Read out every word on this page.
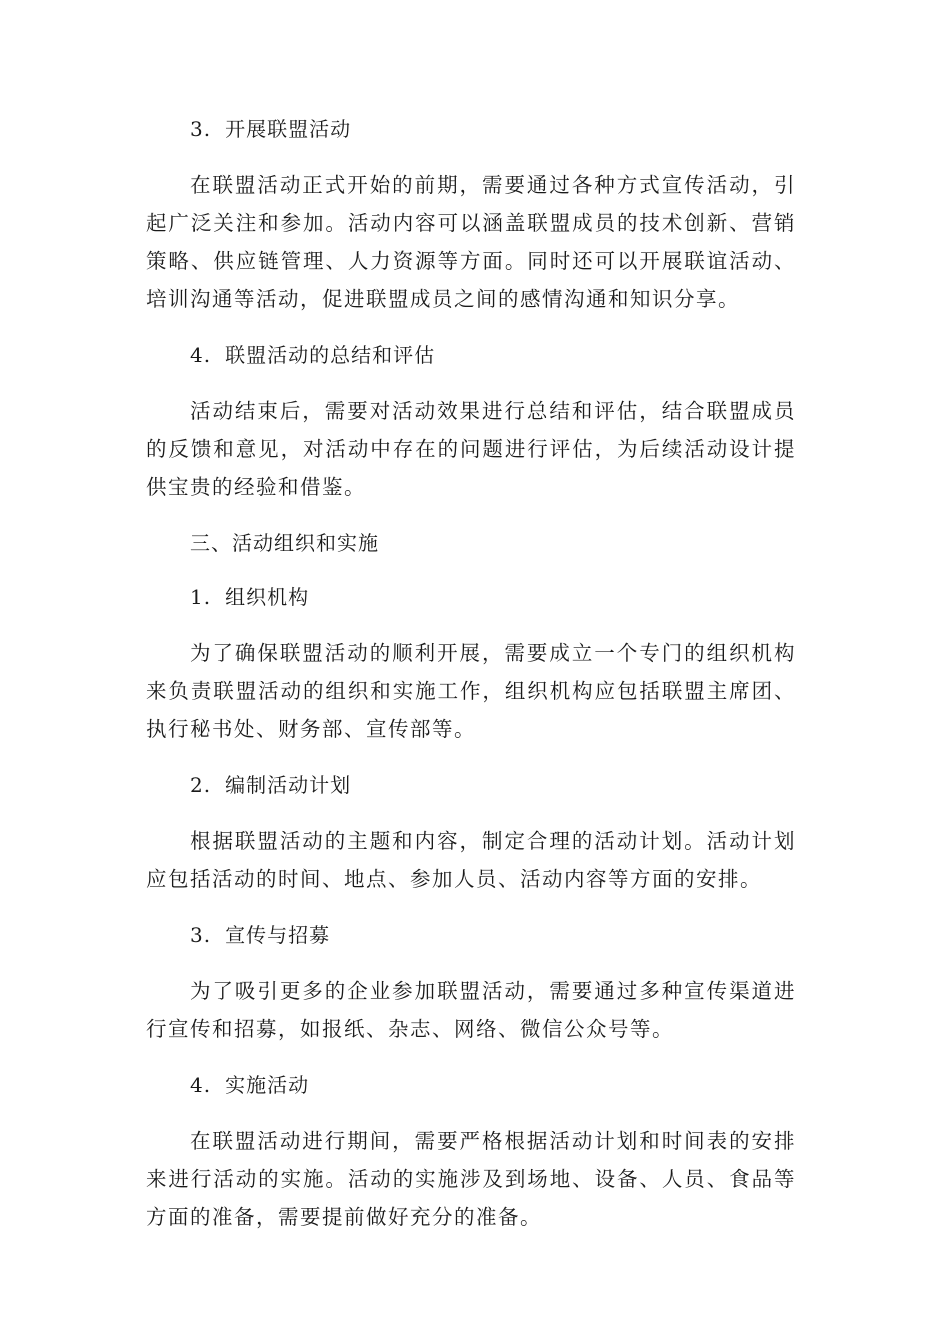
3. 开展联盟活动

在联盟活动正式开始的前期，需要通过各种方式宣传活动，引起广泛关注和参加。活动内容可以涵盖联盟成员的技术创新、营销策略、供应链管理、人力资源等方面。同时还可以开展联谊活动、培训沟通等活动，促进联盟成员之间的感情沟通和知识分享。

4. 联盟活动的总结和评估

活动结束后，需要对活动效果进行总结和评估，结合联盟成员的反馈和意见，对活动中存在的问题进行评估，为后续活动设计提供宝贵的经验和借鉴。

三、活动组织和实施

1. 组织机构

为了确保联盟活动的顺利开展，需要成立一个专门的组织机构来负责联盟活动的组织和实施工作，组织机构应包括联盟主席团、执行秘书处、财务部、宣传部等。

2. 编制活动计划

根据联盟活动的主题和内容，制定合理的活动计划。活动计划应包括活动的时间、地点、参加人员、活动内容等方面的安排。

3. 宣传与招募

为了吸引更多的企业参加联盟活动，需要通过多种宣传渠道进行宣传和招募，如报纸、杂志、网络、微信公众号等。

4. 实施活动

在联盟活动进行期间，需要严格根据活动计划和时间表的安排来进行活动的实施。活动的实施涉及到场地、设备、人员、食品等方面的准备，需要提前做好充分的准备。
